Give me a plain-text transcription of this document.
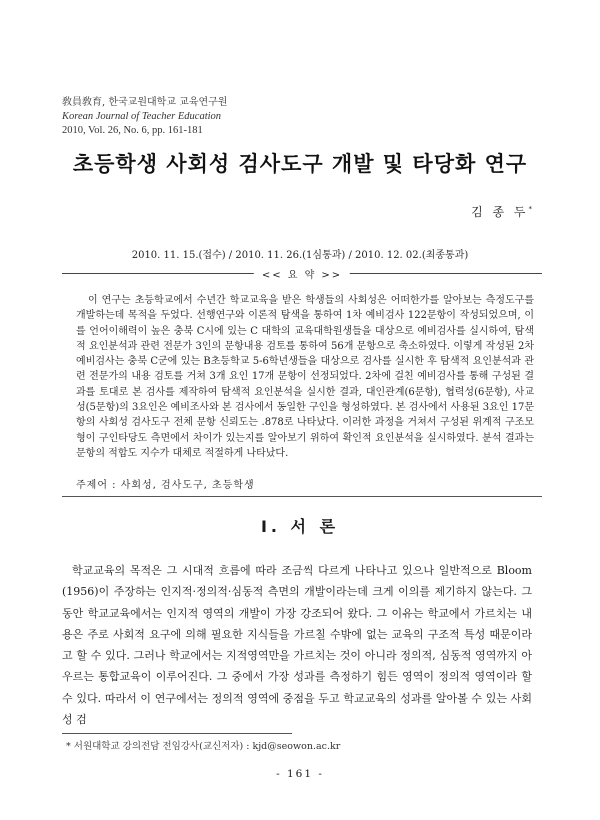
敎員敎育, 한국교원대학교 교육연구원
Korean Journal of Teacher Education
2010, Vol. 26, No. 6, pp. 161-181
초등학생 사회성 검사도구 개발 및 타당화 연구
김 종 두*
2010. 11. 15.(접수) / 2010. 11. 26.(1심통과) / 2010. 12. 02.(최종통과)
<< 요 약 >>
이 연구는 초등학교에서 수년간 학교교육을 받은 학생들의 사회성은 어떠한가를 알아보는 측정도구를 개발하는데 목적을 두었다. 선행연구와 이론적 탐색을 통하여 1차 예비검사 122문항이 작성되었으며, 이를 언어이해력이 높은 충북 C시에 있는 C 대학의 교육대학원생들을 대상으로 예비검사를 실시하여, 탐색적 요인분석과 관련 전문가 3인의 문항내용 검토를 통하여 56개 문항으로 축소하였다. 이렇게 작성된 2차 예비검사는 충북 C군에 있는 B초등학교 5-6학년생들을 대상으로 검사를 실시한 후 탐색적 요인분석과 관련 전문가의 내용 검토를 거쳐 3개 요인 17개 문항이 선정되었다. 2차에 걸친 예비검사를 통해 구성된 결과를 토대로 본 검사를 제작하여 탐색적 요인분석을 실시한 결과, 대인관계(6문항), 협력성(6문항), 사교성(5문항)의 3요인은 예비조사와 본 검사에서 동일한 구인을 형성하였다. 본 검사에서 사용된 3요인 17문항의 사회성 검사도구 전체 문항 신뢰도는 .878로 나타났다. 이러한 과정을 거쳐서 구성된 위계적 구조모형이 구인타당도 측면에서 차이가 있는지를 알아보기 위하여 확인적 요인분석을 실시하였다. 분석 결과는 문항의 적합도 지수가 대체로 적절하게 나타났다.
주제어 : 사회성, 검사도구, 초등학생
Ⅰ. 서 론
학교교육의 목적은 그 시대적 흐름에 따라 조금씩 다르게 나타나고 있으나 일반적으로 Bloom (1956)이 주장하는 인지적·정의적·심동적 측면의 개발이라는데 크게 이의를 제기하지 않는다. 그 동안 학교교육에서는 인지적 영역의 개발이 가장 강조되어 왔다. 그 이유는 학교에서 가르치는 내용은 주로 사회적 요구에 의해 필요한 지식들을 가르칠 수밖에 없는 교육의 구조적 특성 때문이라고 할 수 있다. 그러나 학교에서는 지적영역만을 가르치는 것이 아니라 정의적, 심동적 영역까지 아우르는 통합교육이 이루어진다. 그 중에서 가장 성과를 측정하기 힘든 영역이 정의적 영역이라 할 수 있다. 따라서 이 연구에서는 정의적 영역에 중점을 두고 학교교육의 성과를 알아볼 수 있는 사회성 검
* 서원대학교 강의전담 전임강사(교신저자) : kjd@seowon.ac.kr
- 161 -
